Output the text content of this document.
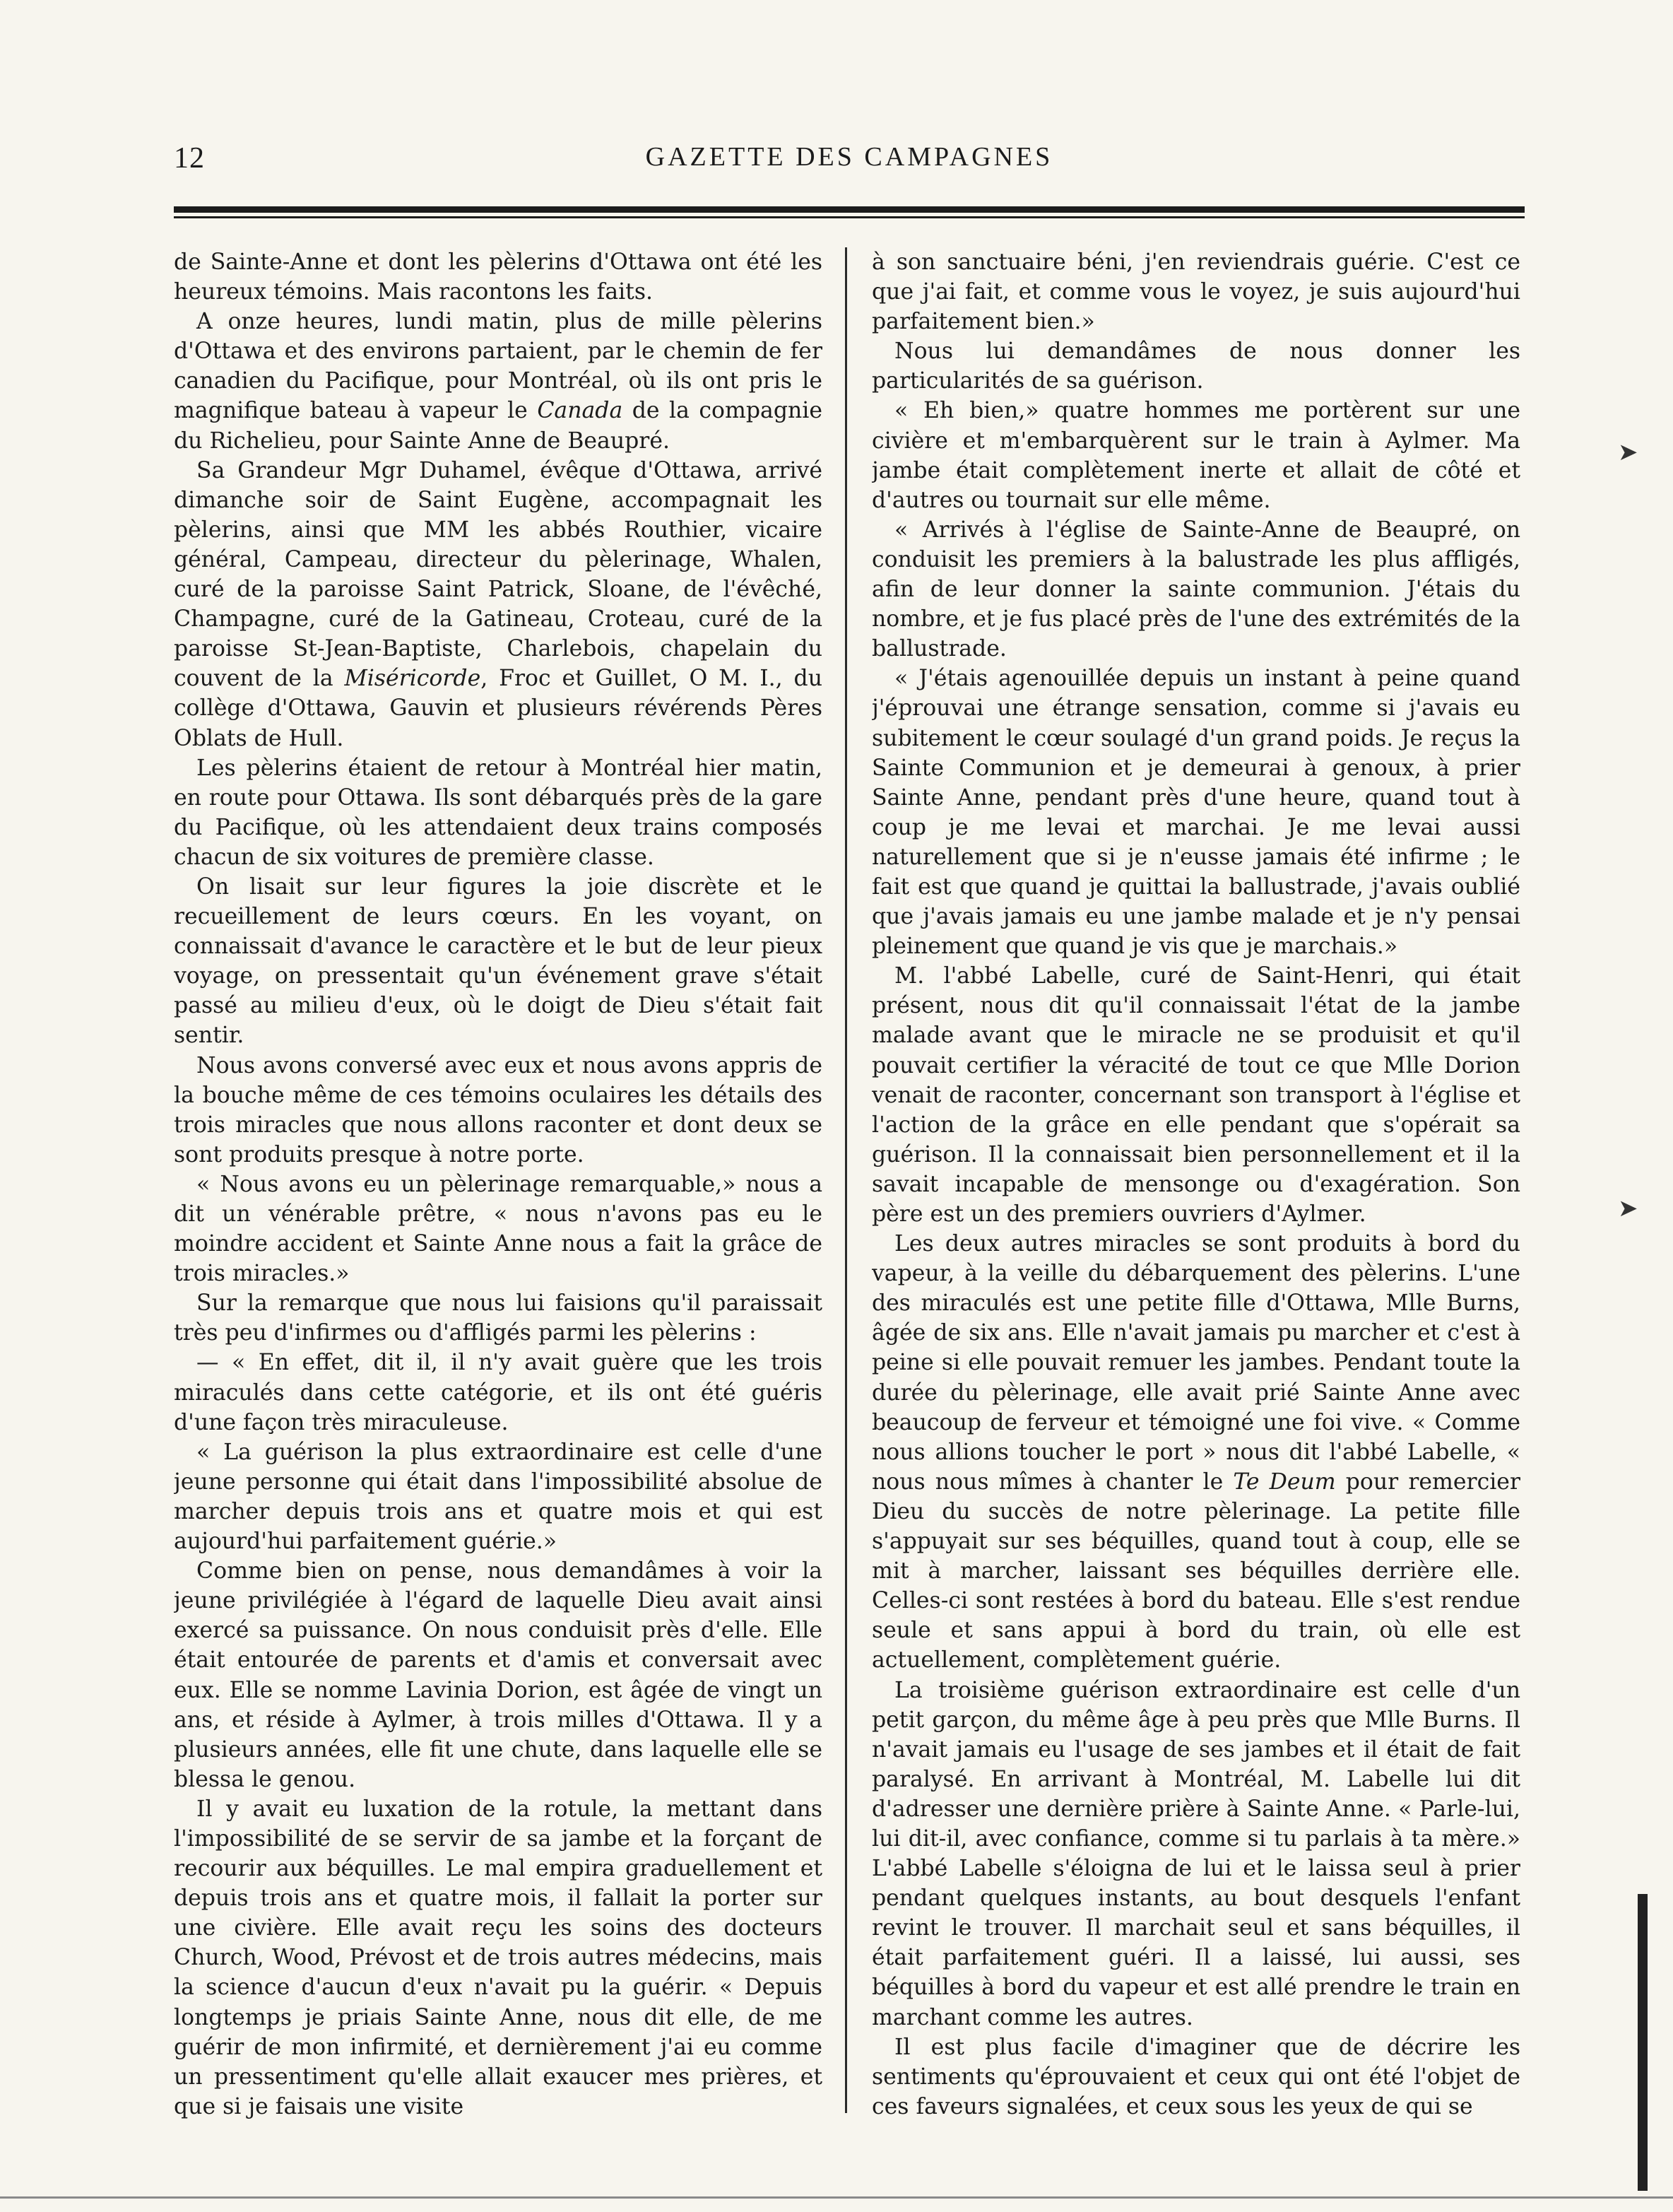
12	GAZETTE DES CAMPAGNES

de Sainte-Anne et dont les pèlerins d'Ottawa ont été les heureux témoins. Mais racontons les faits.

A onze heures, lundi matin, plus de mille pèlerins d'Ottawa et des environs partaient, par le chemin de fer canadien du Pacifique, pour Montréal, où ils ont pris le magnifique bateau à vapeur le Canada de la compagnie du Richelieu, pour Sainte Anne de Beaupré.

Sa Grandeur Mgr Duhamel, évêque d'Ottawa, arrivé dimanche soir de Saint Eugène, accompagnait les pèlerins, ainsi que MM les abbés Routhier, vicaire général, Campeau, directeur du pèlerinage, Whalen, curé de la paroisse Saint Patrick, Sloane, de l'évêché, Champagne, curé de la Gatineau, Croteau, curé de la paroisse St-Jean-Baptiste, Charlebois, chapelain du couvent de la Miséricorde, Froc et Guillet, O M. I., du collège d'Ottawa, Gauvin et plusieurs révérends Pères Oblats de Hull.

Les pèlerins étaient de retour à Montréal hier matin, en route pour Ottawa. Ils sont débarqués près de la gare du Pacifique, où les attendaient deux trains composés chacun de six voitures de première classe.

On lisait sur leur figures la joie discrète et le recueillement de leurs cœurs. En les voyant, on connaissait d'avance le caractère et le but de leur pieux voyage, on pressentait qu'un événement grave s'était passé au milieu d'eux, où le doigt de Dieu s'était fait sentir.

Nous avons conversé avec eux et nous avons appris de la bouche même de ces témoins oculaires les détails des trois miracles que nous allons raconter et dont deux se sont produits presque à notre porte.

« Nous avons eu un pèlerinage remarquable,» nous a dit un vénérable prêtre, « nous n'avons pas eu le moindre accident et Sainte Anne nous a fait la grâce de trois miracles.»

Sur la remarque que nous lui faisions qu'il paraissait très peu d'infirmes ou d'affligés parmi les pèlerins :

— « En effet, dit il, il n'y avait guère que les trois miraculés dans cette catégorie, et ils ont été guéris d'une façon très miraculeuse.

« La guérison la plus extraordinaire est celle d'une jeune personne qui était dans l'impossibilité absolue de marcher depuis trois ans et quatre mois et qui est aujourd'hui parfaitement guérie.»

Comme bien on pense, nous demandâmes à voir la jeune privilégiée à l'égard de laquelle Dieu avait ainsi exercé sa puissance. On nous conduisit près d'elle. Elle était entourée de parents et d'amis et conversait avec eux. Elle se nomme Lavinia Dorion, est âgée de vingt un ans, et réside à Aylmer, à trois milles d'Ottawa. Il y a plusieurs années, elle fit une chute, dans laquelle elle se blessa le genou.

Il y avait eu luxation de la rotule, la mettant dans l'impossibilité de se servir de sa jambe et la forçant de recourir aux béquilles. Le mal empira graduellement et depuis trois ans et quatre mois, il fallait la porter sur une civière. Elle avait reçu les soins des docteurs Church, Wood, Prévost et de trois autres médecins, mais la science d'aucun d'eux n'avait pu la guérir. « Depuis longtemps je priais Sainte Anne, nous dit elle, de me guérir de mon infirmité, et dernièrement j'ai eu comme un pressentiment qu'elle allait exaucer mes prières, et que si je faisais une visite

à son sanctuaire béni, j'en reviendrais guérie. C'est ce que j'ai fait, et comme vous le voyez, je suis aujourd'hui parfaitement bien.»

Nous lui demandâmes de nous donner les particularités de sa guérison.

« Eh bien,» quatre hommes me portèrent sur une civière et m'embarquèrent sur le train à Aylmer. Ma jambe était complètement inerte et allait de côté et d'autres ou tournait sur elle même.

« Arrivés à l'église de Sainte-Anne de Beaupré, on conduisit les premiers à la balustrade les plus affligés, afin de leur donner la sainte communion. J'étais du nombre, et je fus placé près de l'une des extrémités de la ballustrade.

« J'étais agenouillée depuis un instant à peine quand j'éprouvai une étrange sensation, comme si j'avais eu subitement le cœur soulagé d'un grand poids. Je reçus la Sainte Communion et je demeurai à genoux, à prier Sainte Anne, pendant près d'une heure, quand tout à coup je me levai et marchai. Je me levai aussi naturellement que si je n'eusse jamais été infirme ; le fait est que quand je quittai la ballustrade, j'avais oublié que j'avais jamais eu une jambe malade et je n'y pensai pleinement que quand je vis que je marchais.»

M. l'abbé Labelle, curé de Saint-Henri, qui était présent, nous dit qu'il connaissait l'état de la jambe malade avant que le miracle ne se produisit et qu'il pouvait certifier la véracité de tout ce que Mlle Dorion venait de raconter, concernant son transport à l'église et l'action de la grâce en elle pendant que s'opérait sa guérison. Il la connaissait bien personnellement et il la savait incapable de mensonge ou d'exagération. Son père est un des premiers ouvriers d'Aylmer.

Les deux autres miracles se sont produits à bord du vapeur, à la veille du débarquement des pèlerins. L'une des miraculés est une petite fille d'Ottawa, Mlle Burns, âgée de six ans. Elle n'avait jamais pu marcher et c'est à peine si elle pouvait remuer les jambes. Pendant toute la durée du pèlerinage, elle avait prié Sainte Anne avec beaucoup de ferveur et témoigné une foi vive. « Comme nous allions toucher le port » nous dit l'abbé Labelle, « nous nous mîmes à chanter le Te Deum pour remercier Dieu du succès de notre pèlerinage. La petite fille s'appuyait sur ses béquilles, quand tout à coup, elle se mit à marcher, laissant ses béquilles derrière elle. Celles-ci sont restées à bord du bateau. Elle s'est rendue seule et sans appui à bord du train, où elle est actuellement, complètement guérie.

La troisième guérison extraordinaire est celle d'un petit garçon, du même âge à peu près que Mlle Burns. Il n'avait jamais eu l'usage de ses jambes et il était de fait paralysé. En arrivant à Montréal, M. Labelle lui dit d'adresser une dernière prière à Sainte Anne. « Parle-lui, lui dit-il, avec confiance, comme si tu parlais à ta mère.» L'abbé Labelle s'éloigna de lui et le laissa seul à prier pendant quelques instants, au bout desquels l'enfant revint le trouver. Il marchait seul et sans béquilles, il était parfaitement guéri. Il a laissé, lui aussi, ses béquilles à bord du vapeur et est allé prendre le train en marchant comme les autres.

Il est plus facile d'imaginer que de décrire les sentiments qu'éprouvaient et ceux qui ont été l'objet de ces faveurs signalées, et ceux sous les yeux de qui se

➤
➤
